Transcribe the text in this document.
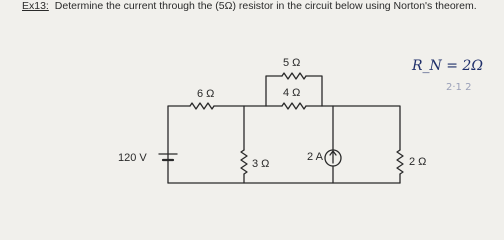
Ex13: Determine the current through the (5Ω) resistor in the circuit below using Norton's theorem.
120 V
6 Ω
5 Ω
4 Ω
3 Ω
2 A	2 Ω
R_N = 2Ω
2·1 2
